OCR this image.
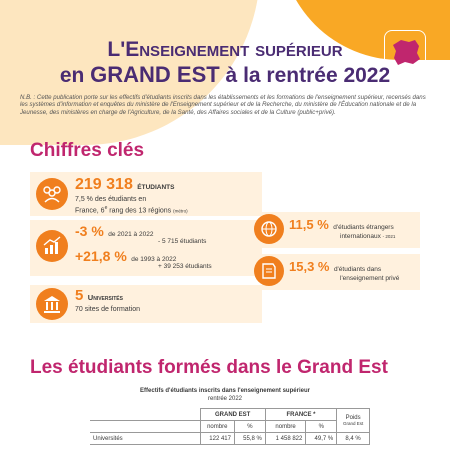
L'Enseignement supérieur
en GRAND EST à la rentrée 2022
N.B. : Cette publication porte sur les effectifs d'étudiants inscrits dans les établissements et les formations de l'enseignement supérieur, recensés dans les systèmes d'information et enquêtes du ministère de l'Enseignement supérieur et de la Recherche, du ministère de l'Éducation nationale et de la Jeunesse, des ministères en charge de l'Agriculture, de la Santé, des Affaires sociales et de la Culture (public+privé).
Chiffres clés
219 318 ÉTUDIANTS
7,5 % des étudiants en
France, 6e rang des 13 régions (métro)
-3 % de 2021 à 2022
- 5 715 étudiants
+21,8 % de 1993 à 2022
+ 39 253 étudiants
5 Universités
70 sites de formation
11,5 % d'étudiants étrangers
internationaux - 2021
15,3 % d'étudiants dans
l'enseignement privé
Les étudiants formés dans le Grand Est
Effectifs d'étudiants inscrits dans l'enseignement supérieur
rentrée 2022
	GRAND EST		FRANCE *		Poids
Grand Est
	nombre	%	nombre	%	
Universités	122 417	55,8 %	1 458 822	49,7 %	8,4 %
